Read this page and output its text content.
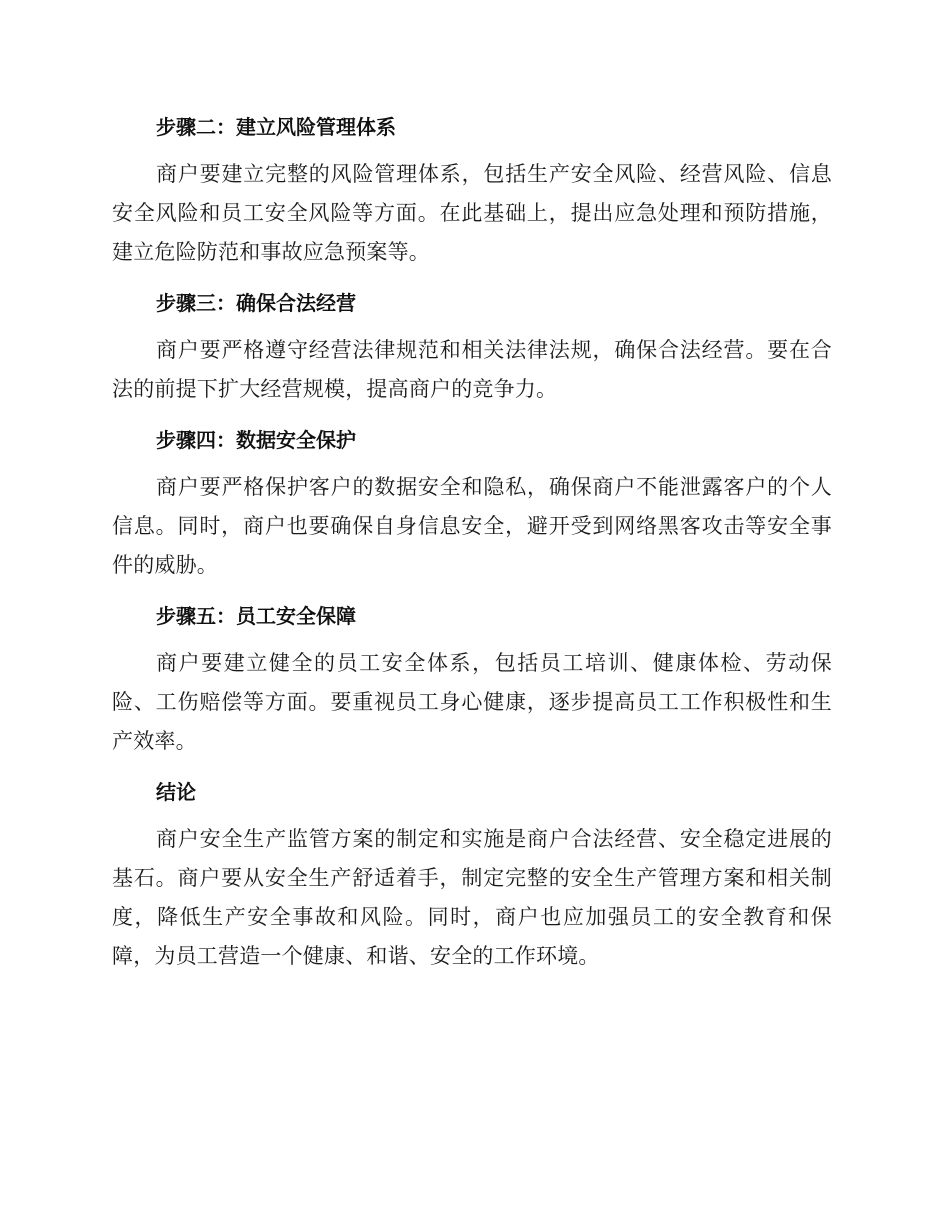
步骤二：建立风险管理体系

商户要建立完整的风险管理体系，包括生产安全风险、经营风险、信息安全风险和员工安全风险等方面。在此基础上，提出应急处理和预防措施，建立危险防范和事故应急预案等。

步骤三：确保合法经营

商户要严格遵守经营法律规范和相关法律法规，确保合法经营。要在合法的前提下扩大经营规模，提高商户的竞争力。

步骤四：数据安全保护

商户要严格保护客户的数据安全和隐私，确保商户不能泄露客户的个人信息。同时，商户也要确保自身信息安全，避开受到网络黑客攻击等安全事件的威胁。

步骤五：员工安全保障

商户要建立健全的员工安全体系，包括员工培训、健康体检、劳动保险、工伤赔偿等方面。要重视员工身心健康，逐步提高员工工作积极性和生产效率。

结论

商户安全生产监管方案的制定和实施是商户合法经营、安全稳定进展的基石。商户要从安全生产舒适着手，制定完整的安全生产管理方案和相关制度，降低生产安全事故和风险。同时，商户也应加强员工的安全教育和保障，为员工营造一个健康、和谐、安全的工作环境。
